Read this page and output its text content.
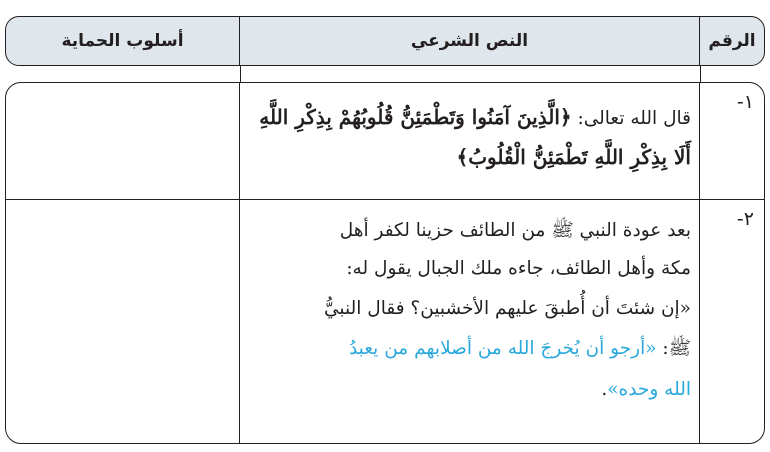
الرقم
النص الشرعي
أسلوب الحماية
١-
قال الله تعالى: ﴿الَّذِينَ آمَنُوا وَتَطْمَئِنُّ قُلُوبُهُمْ بِذِكْرِ اللَّهِ
أَلَا بِذِكْرِ اللَّهِ تَطْمَئِنُّ الْقُلُوبُ﴾
٢-
بعد عودة النبي ﷺ من الطائف حزينا لكفر أهل
مكة وأهل الطائف، جاءه ملك الجبال يقول له:
«إن شئتَ أن أُطبقَ عليهم الأخشبين؟ فقال النبيُّ
ﷺ: «أرجو أن يُخرجَ الله من أصلابهم من يعبدُ
الله وحده».
